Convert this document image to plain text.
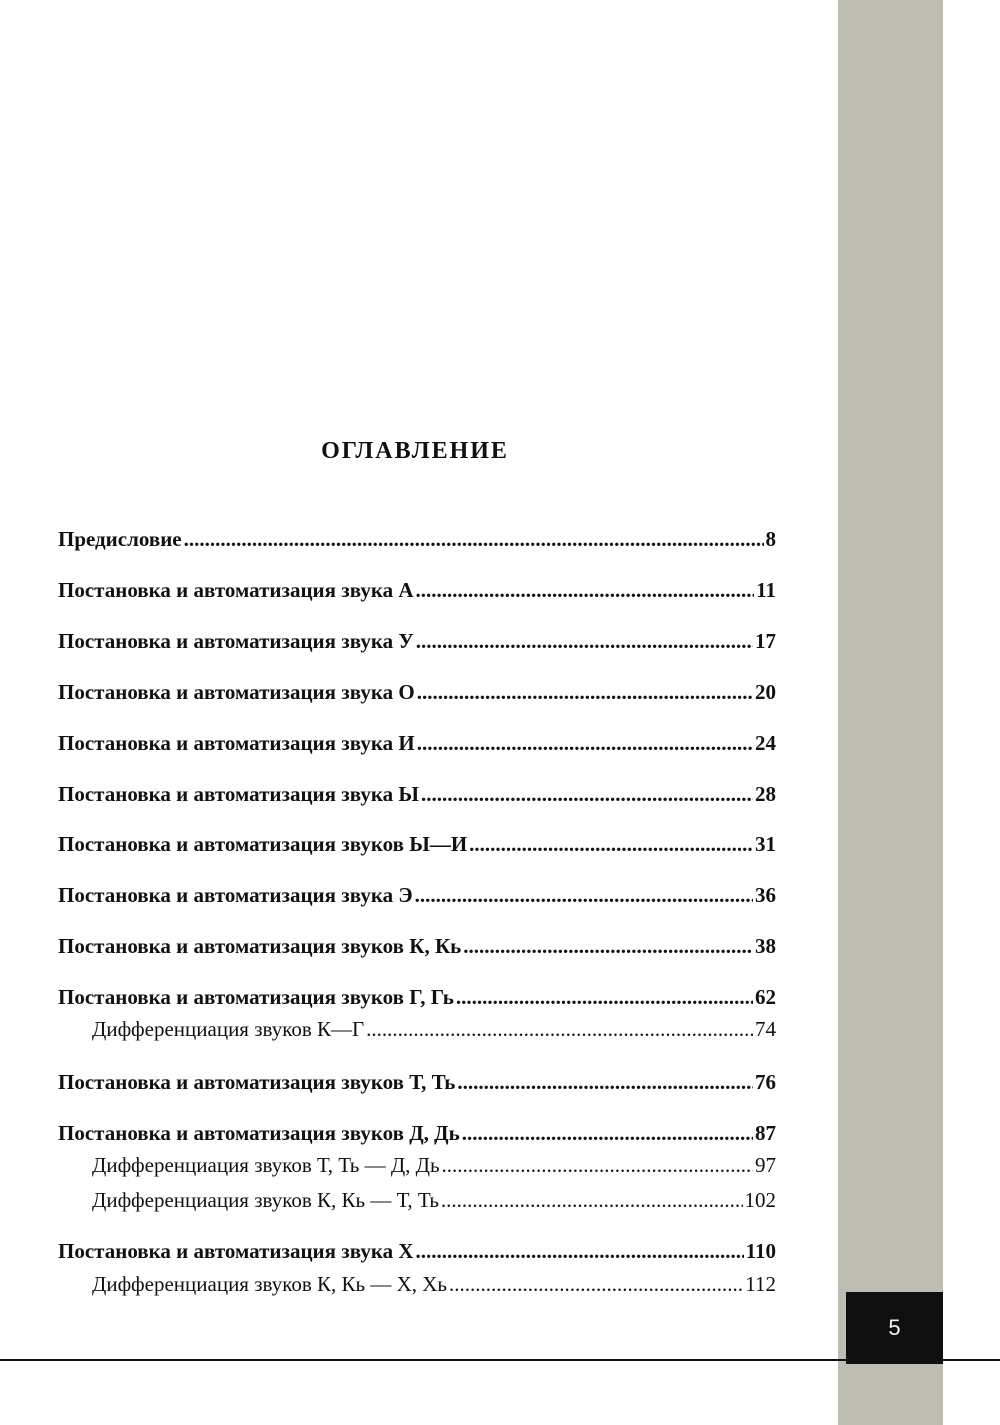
5
ОГЛАВЛЕНИЕ
Предисловие .....	8
Постановка и автоматизация звука А .....	11
Постановка и автоматизация звука У .....	17
Постановка и автоматизация звука О .....	20
Постановка и автоматизация звука И .....	24
Постановка и автоматизация звука Ы .....	28
Постановка и автоматизация звуков Ы—И .....	31
Постановка и автоматизация звука Э .....	36
Постановка и автоматизация звуков К, Кь .....	38
Постановка и автоматизация звуков Г, Гь .....	62
Дифференциация звуков К—Г .....	74
Постановка и автоматизация звуков Т, Ть .....	76
Постановка и автоматизация звуков Д, Дь .....	87
Дифференциация звуков Т, Ть — Д, Дь .....	97
Дифференциация звуков К, Кь — Т, Ть .....	102
Постановка и автоматизация звука Х .....	110
Дифференциация звуков К, Кь — Х, Хь .....	112
